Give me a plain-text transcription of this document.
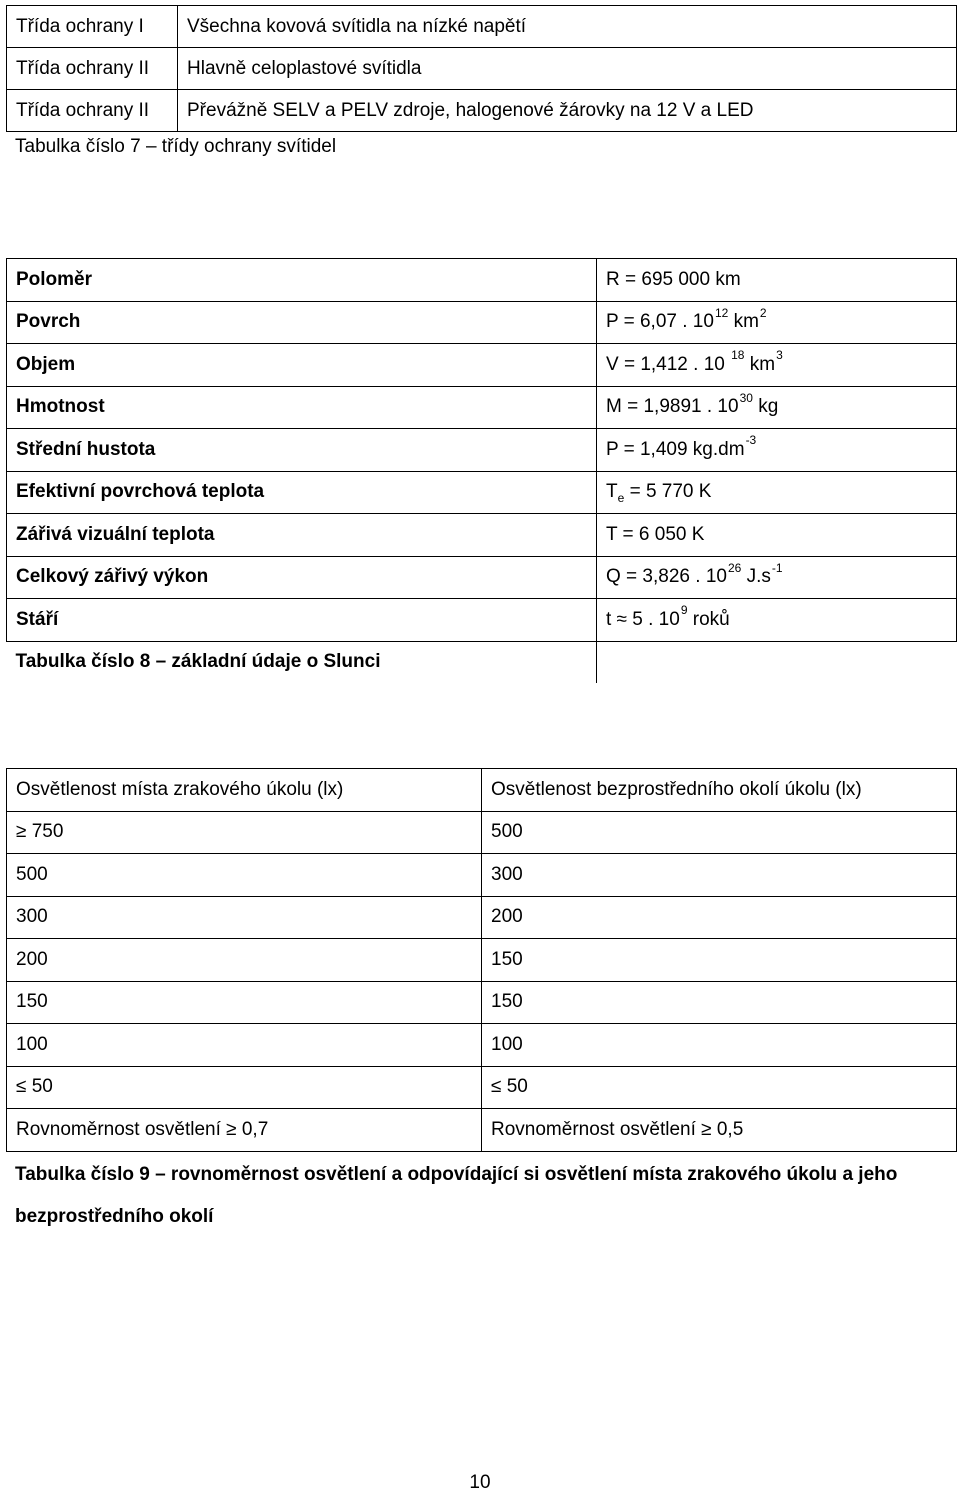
Třída ochrany I	Všechna kovová svítidla na nízké napětí
Třída ochrany II	Hlavně celoplastové svítidla
Třída ochrany II	Převážně SELV a PELV zdroje, halogenové žárovky na 12 V a LED
Tabulka číslo 7 – třídy ochrany svítidel
Poloměr	R = 695 000 km
Povrch	P = 6,07 . $10^{12}$ $km^2$
Objem	V = 1,412 . 10 $^{18}$ $km^3$
Hmotnost	M = 1,9891 . $10^{30}$ kg
Střední hustota	P = 1,409 $kg.dm^{-3}$
Efektivní povrchová teplota	$T_e = 5$ 770 K
Zářivá vizuální teplota	T = 6 050 K
Celkový zářivý výkon	Q = 3,826 . $10^{26}$ $J.s^{-1}$
Stáří	t ≈ 5 . $10^9$ roků
Tabulka číslo 8 – základní údaje o Slunci	
Osvětlenost místa zrakového úkolu (lx)	Osvětlenost bezprostředního okolí úkolu (lx)
≥ 750	500
500	300
300	200
200	150
150	150
100	100
≤ 50	≤ 50
Rovnoměrnost osvětlení ≥ 0,7	Rovnoměrnost osvětlení ≥ 0,5
Tabulka číslo 9 – rovnoměrnost osvětlení a odpovídající si osvětlení místa zrakového úkolu a jeho bezprostředního okolí
10
